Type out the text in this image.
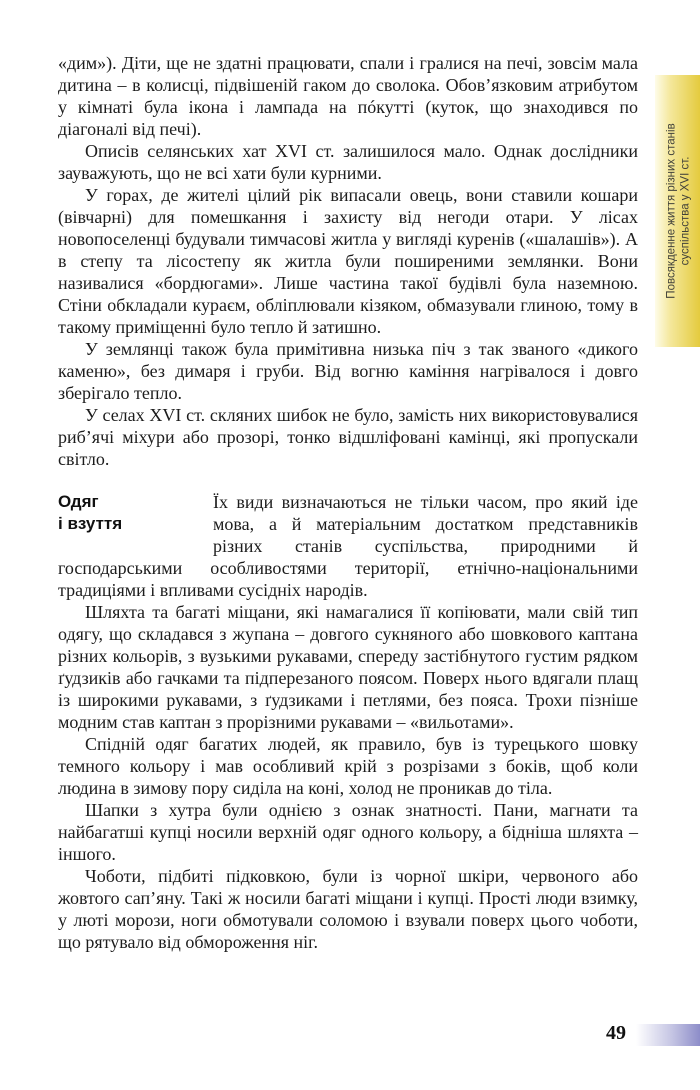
«дим»). Діти, ще не здатні працювати, спали і гралися на печі, зовсім мала дитина – в колисці, підвішеній гаком до сволока. Обов’язковим атрибутом у кімнаті була ікона і лампада на пóкутті (куток, що знаходився по діагоналі від печі).

Описів селянських хат XVI ст. залишилося мало. Однак дослідники зауважують, що не всі хати були курними.

У горах, де жителі цілий рік випасали овець, вони ставили кошари (вівчарні) для помешкання і захисту від негоди отари. У лісах новопоселенці будували тимчасові житла у вигляді куренів («шалашів»). А в степу та лісостепу як житла були поширеними землянки. Вони називалися «бордюгами». Лише частина такої будівлі була наземною. Стіни обкладали кураєм, обліплювали кізяком, обмазували глиною, тому в такому приміщенні було тепло й затишно.

У землянці також була примітивна низька піч з так званого «дикого каменю», без димаря і груби. Від вогню каміння нагрівалося і довго зберігало тепло.

У селах XVI ст. скляних шибок не було, замість них використовувалися риб’ячі міхури або прозорі, тонко відшліфовані камінці, які пропускали світло.

Одяг
і взуття

Їх види визначаються не тільки часом, про який іде мова, а й матеріальним достатком представників різних станів суспільства, природними й господарськими особливостями території, етнічно-національними традиціями і впливами сусідніх народів.

Шляхта та багаті міщани, які намагалися її копіювати, мали свій тип одягу, що складався з жупана – довгого сукняного або шовкового каптана різних кольорів, з вузькими рукавами, спереду застібнутого густим рядком ґудзиків або гачками та підперезаного поясом. Поверх нього вдягали плащ із широкими рукавами, з ґудзиками і петлями, без пояса. Трохи пізніше модним став каптан з прорізними рукавами – «вильотами».

Спідній одяг багатих людей, як правило, був із турецького шовку темного кольору і мав особливий крій з розрізами з боків, щоб коли людина в зимову пору сиділа на коні, холод не проникав до тіла.

Шапки з хутра були однією з ознак знатності. Пани, магнати та найбагатші купці носили верхній одяг одного кольору, а бідніша шляхта – іншого.

Чоботи, підбиті підковкою, були із чорної шкіри, червоного або жовтого сап’яну. Такі ж носили багаті міщани і купці. Прості люди взимку, у люті морози, ноги обмотували соломою і взували поверх цього чоботи, що рятувало від обмороження ніг.

Повсякденне життя різних станів суспільства у XVI ст.
49
